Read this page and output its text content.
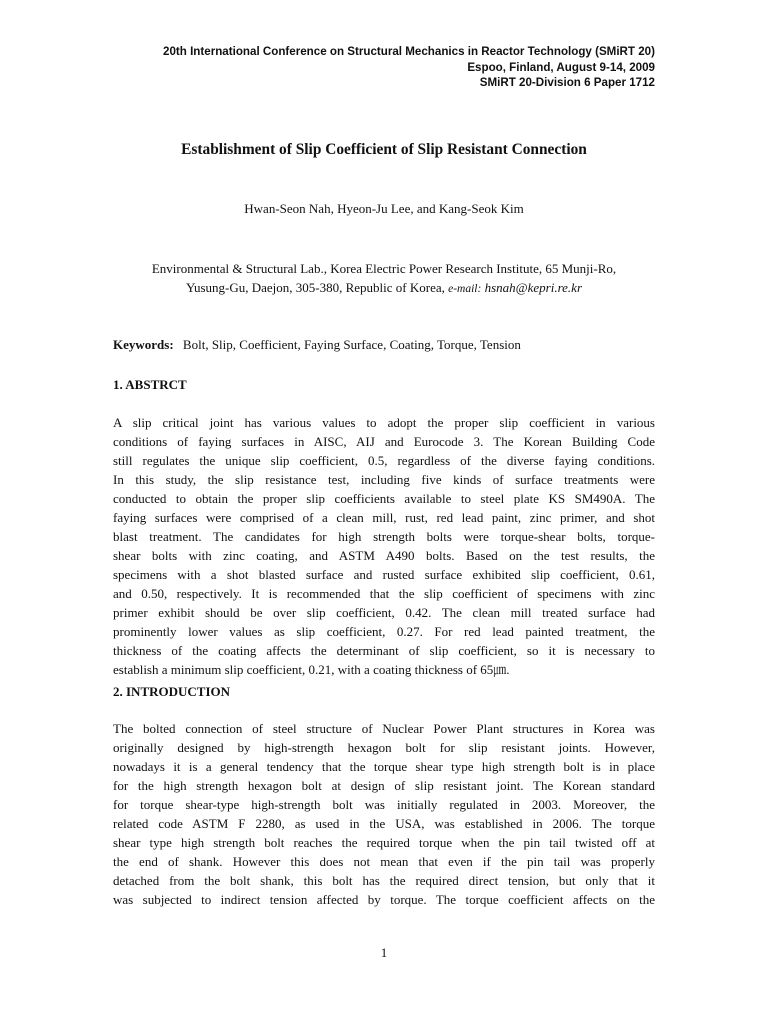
20th International Conference on Structural Mechanics in Reactor Technology (SMiRT 20)
Espoo, Finland, August 9-14, 2009
SMiRT 20-Division 6 Paper 1712
Establishment of Slip Coefficient of Slip Resistant Connection
Hwan-Seon Nah, Hyeon-Ju Lee, and Kang-Seok Kim
Environmental & Structural Lab., Korea Electric Power Research Institute, 65 Munji-Ro,
Yusung-Gu, Daejon, 305-380, Republic of Korea, e-mail: hsnah@kepri.re.kr
Keywords: Bolt, Slip, Coefficient, Faying Surface, Coating, Torque, Tension
1. ABSTRCT
A slip critical joint has various values to adopt the proper slip coefficient in various
conditions of faying surfaces in AISC, AIJ and Eurocode 3. The Korean Building Code
still regulates the unique slip coefficient, 0.5, regardless of the diverse faying conditions.
In this study, the slip resistance test, including five kinds of surface treatments were
conducted to obtain the proper slip coefficients available to steel plate KS SM490A. The
faying surfaces were comprised of a clean mill, rust, red lead paint, zinc primer, and shot
blast treatment. The candidates for high strength bolts were torque-shear bolts, torque-
shear bolts with zinc coating, and ASTM A490 bolts. Based on the test results, the
specimens with a shot blasted surface and rusted surface exhibited slip coefficient, 0.61,
and 0.50, respectively. It is recommended that the slip coefficient of specimens with zinc
primer exhibit should be over slip coefficient, 0.42. The clean mill treated surface had
prominently lower values as slip coefficient, 0.27. For red lead painted treatment, the
thickness of the coating affects the determinant of slip coefficient, so it is necessary to
establish a minimum slip coefficient, 0.21, with a coating thickness of 65㎛.
2. INTRODUCTION
The bolted connection of steel structure of Nuclear Power Plant structures in Korea was
originally designed by high-strength hexagon bolt for slip resistant joints. However,
nowadays it is a general tendency that the torque shear type high strength bolt is in place
for the high strength hexagon bolt at design of slip resistant joint. The Korean standard
for torque shear-type high-strength bolt was initially regulated in 2003. Moreover, the
related code ASTM F 2280, as used in the USA, was established in 2006. The torque
shear type high strength bolt reaches the required torque when the pin tail twisted off at
the end of shank. However this does not mean that even if the pin tail was properly
detached from the bolt shank, this bolt has the required direct tension, but only that it
was subjected to indirect tension affected by torque. The torque coefficient affects on the
1
